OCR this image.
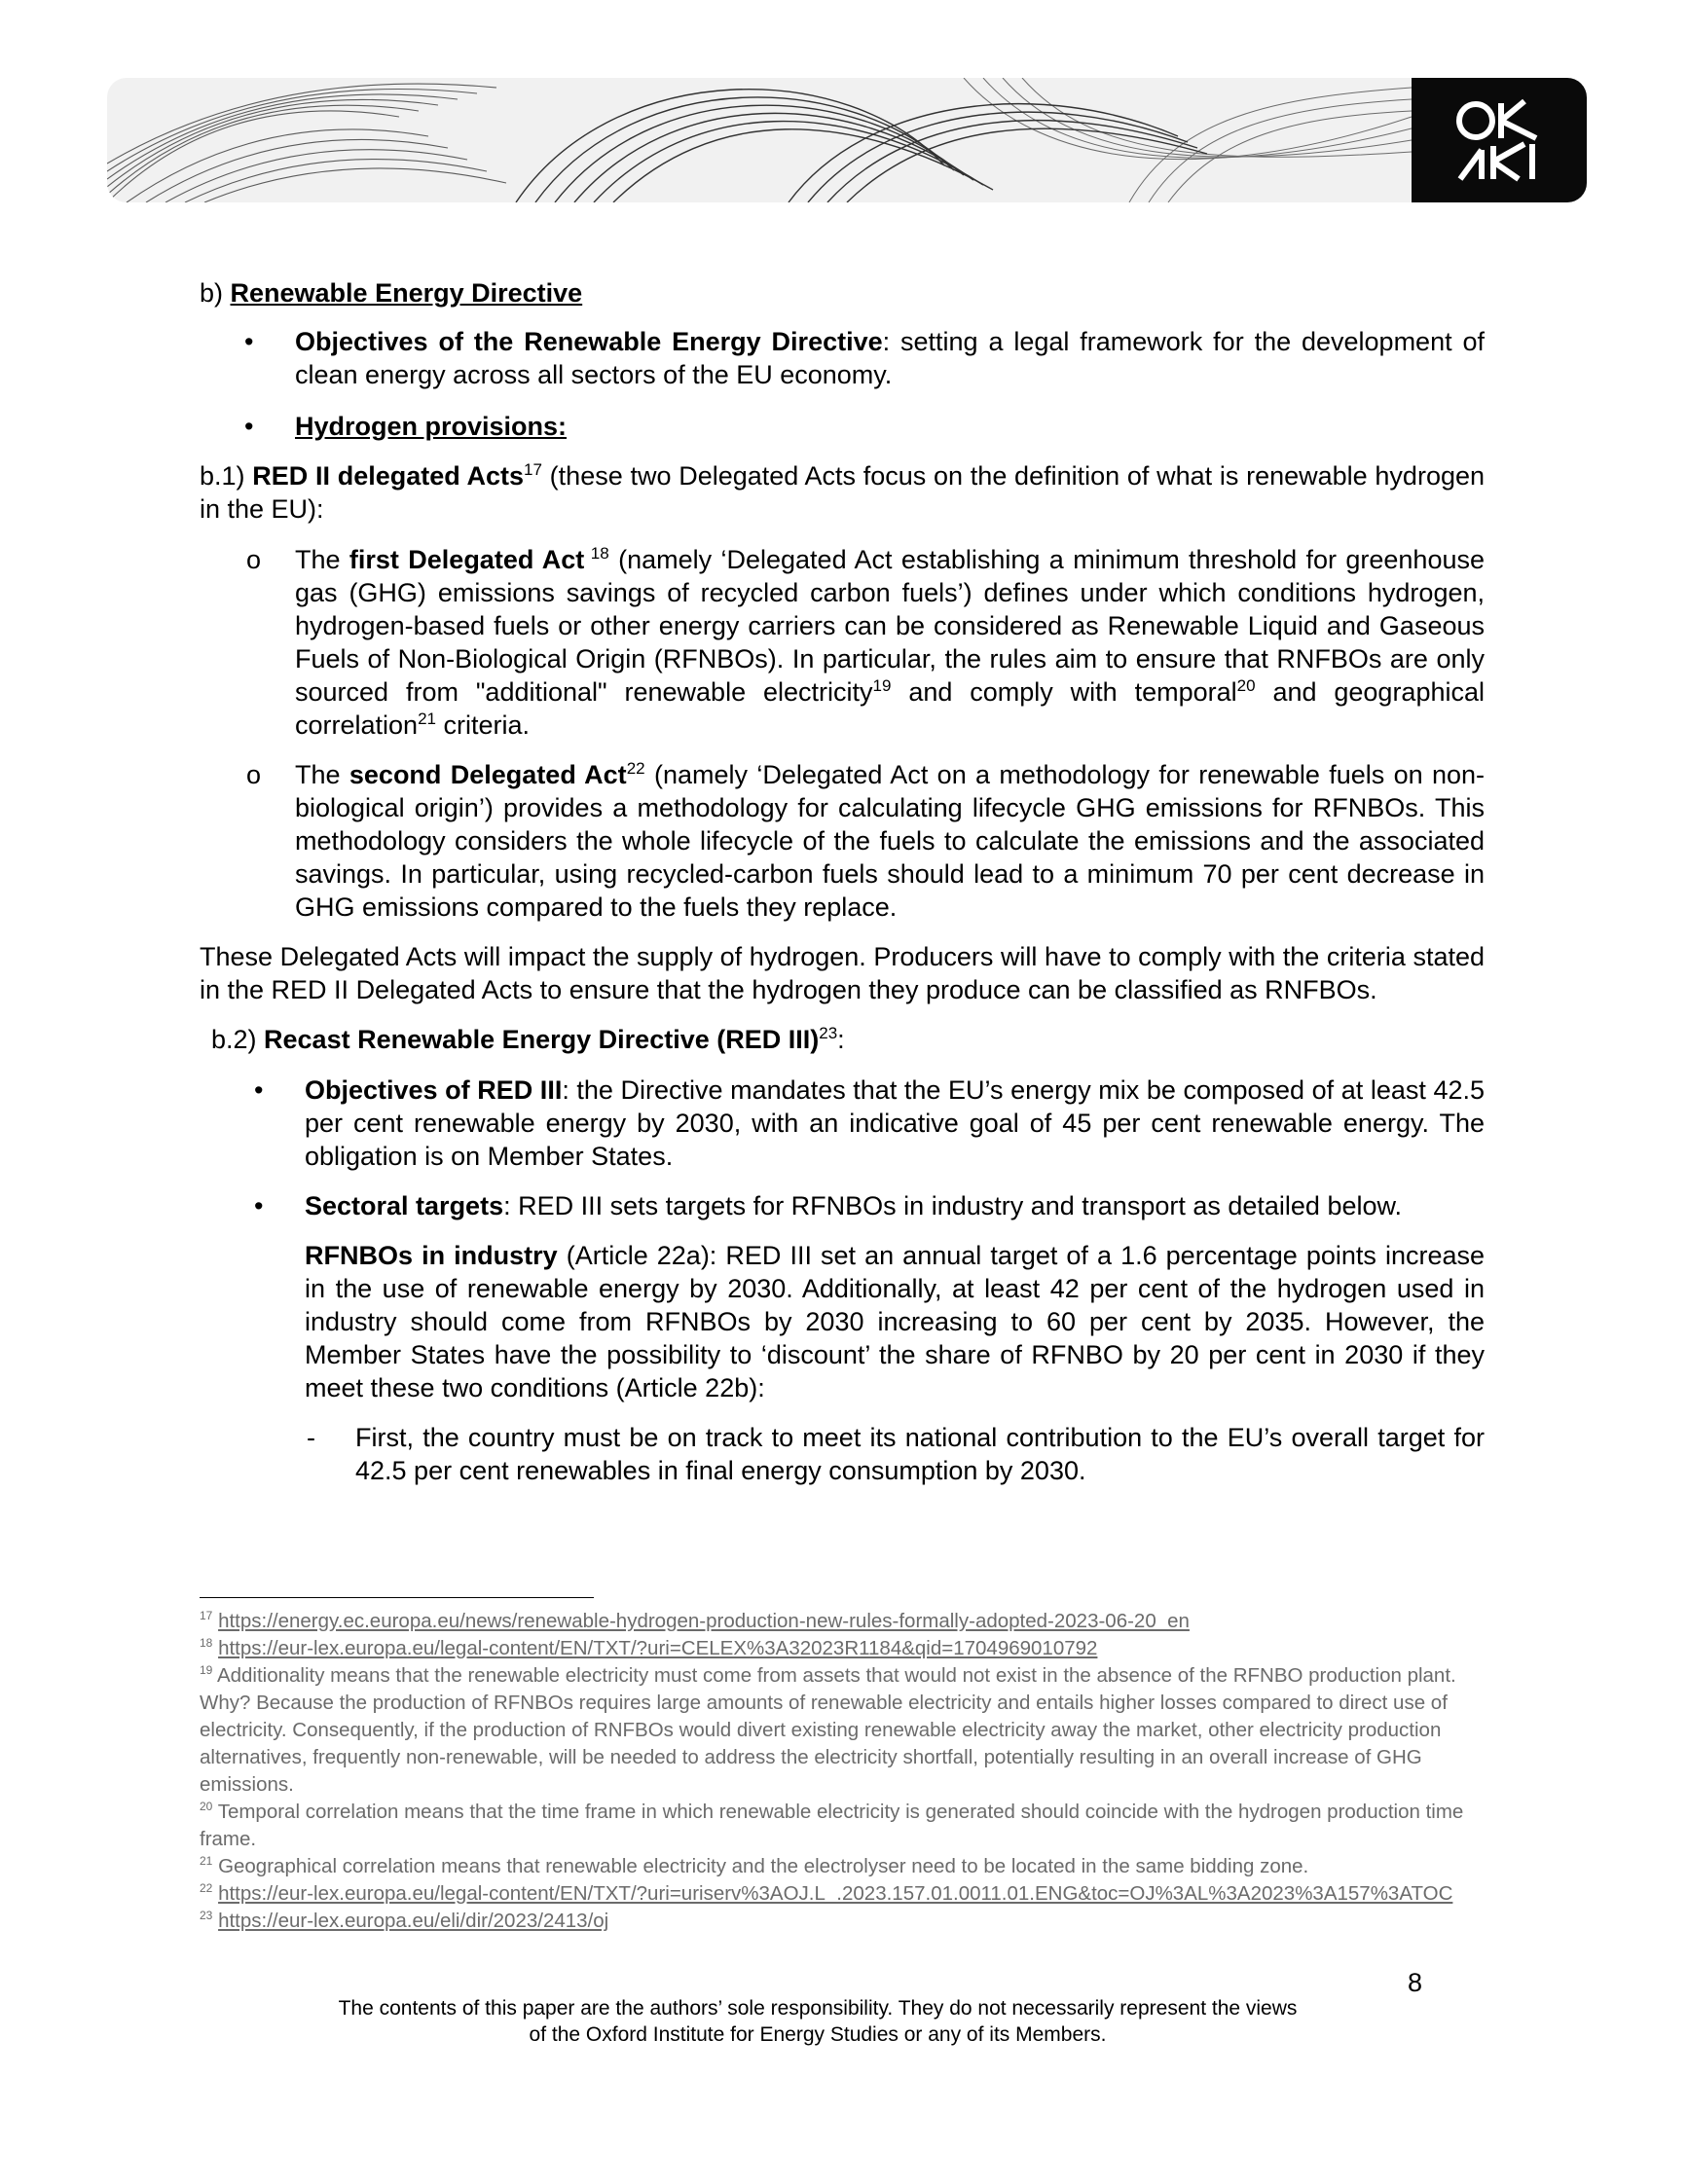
b) Renewable Energy Directive

• Objectives of the Renewable Energy Directive: setting a legal framework for the development of clean energy across all sectors of the EU economy.

• Hydrogen provisions:

b.1) RED II delegated Acts$^{17}$ (these two Delegated Acts focus on the definition of what is renewable hydrogen in the EU):

o The first Delegated Act $^{18}$ (namely ‘Delegated Act establishing a minimum threshold for greenhouse gas (GHG) emissions savings of recycled carbon fuels’) defines under which conditions hydrogen, hydrogen-based fuels or other energy carriers can be considered as Renewable Liquid and Gaseous Fuels of Non-Biological Origin (RFNBOs). In particular, the rules aim to ensure that RNFBOs are only sourced from "additional" renewable electricity$^{19}$ and comply with temporal$^{20}$ and geographical correlation$^{21}$ criteria.

o The second Delegated Act$^{22}$ (namely ‘Delegated Act on a methodology for renewable fuels on non-biological origin’) provides a methodology for calculating lifecycle GHG emissions for RFNBOs. This methodology considers the whole lifecycle of the fuels to calculate the emissions and the associated savings. In particular, using recycled-carbon fuels should lead to a minimum 70 per cent decrease in GHG emissions compared to the fuels they replace.

These Delegated Acts will impact the supply of hydrogen. Producers will have to comply with the criteria stated in the RED II Delegated Acts to ensure that the hydrogen they produce can be classified as RNFBOs.

b.2) Recast Renewable Energy Directive (RED III)$^{23}$:

• Objectives of RED III: the Directive mandates that the EU’s energy mix be composed of at least 42.5 per cent renewable energy by 2030, with an indicative goal of 45 per cent renewable energy. The obligation is on Member States.

• Sectoral targets: RED III sets targets for RFNBOs in industry and transport as detailed below.

RFNBOs in industry (Article 22a): RED III set an annual target of a 1.6 percentage points increase in the use of renewable energy by 2030. Additionally, at least 42 per cent of the hydrogen used in industry should come from RFNBOs by 2030 increasing to 60 per cent by 2035. However, the Member States have the possibility to ‘discount’ the share of RFNBO by 20 per cent in 2030 if they meet these two conditions (Article 22b):

- First, the country must be on track to meet its national contribution to the EU’s overall target for 42.5 per cent renewables in final energy consumption by 2030.

$^{17}$ https://energy.ec.europa.eu/news/renewable-hydrogen-production-new-rules-formally-adopted-2023-06-20_en

$^{18}$ https://eur-lex.europa.eu/legal-content/EN/TXT/?uri=CELEX%3A32023R1184&qid=1704969010792

$^{19}$ Additionality means that the renewable electricity must come from assets that would not exist in the absence of the RFNBO production plant. Why? Because the production of RFNBOs requires large amounts of renewable electricity and entails higher losses compared to direct use of electricity. Consequently, if the production of RNFBOs would divert existing renewable electricity away the market, other electricity production alternatives, frequently non-renewable, will be needed to address the electricity shortfall, potentially resulting in an overall increase of GHG emissions.

$^{20}$ Temporal correlation means that the time frame in which renewable electricity is generated should coincide with the hydrogen production time frame.

$^{21}$ Geographical correlation means that renewable electricity and the electrolyser need to be located in the same bidding zone.

$^{22}$ https://eur-lex.europa.eu/legal-content/EN/TXT/?uri=uriserv%3AOJ.L_.2023.157.01.0011.01.ENG&toc=OJ%3AL%3A2023%3A157%3ATOC

$^{23}$ https://eur-lex.europa.eu/eli/dir/2023/2413/oj

8
The contents of this paper are the authors’ sole responsibility. They do not necessarily represent the views
of the Oxford Institute for Energy Studies or any of its Members.
